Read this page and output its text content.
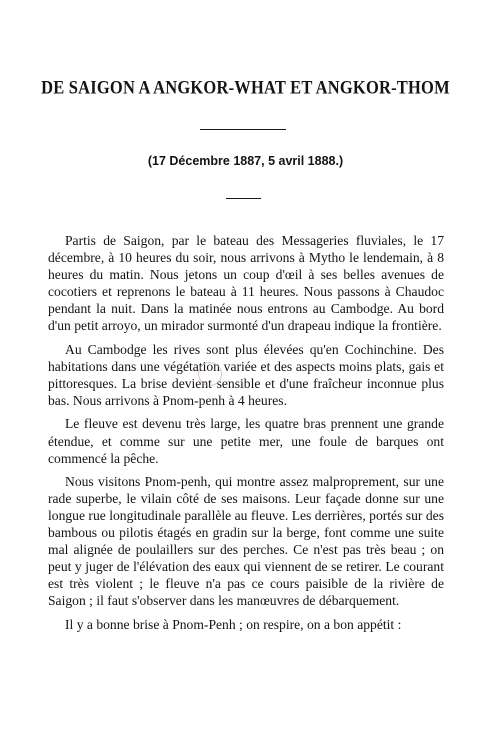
DE SAIGON A ANGKOR-WHAT ET ANGKOR-THOM
(17 Décembre 1887, 5 avril 1888.)

Partis de Saigon, par le bateau des Messageries fluviales, le 17 décembre, à 10 heures du soir, nous arrivons à Mytho le lendemain, à 8 heures du matin. Nous jetons un coup d'œil à ses belles avenues de cocotiers et reprenons le bateau à 11 heures. Nous passons à Chaudoc pendant la nuit. Dans la matinée nous entrons au Cambodge. Au bord d'un petit arroyo, un mirador surmonté d'un drapeau indique la frontière.

Au Cambodge les rives sont plus élevées qu'en Cochinchine. Des habitations dans une végétation variée et des aspects moins plats, gais et pittoresques. La brise devient sensible et d'une fraîcheur inconnue plus bas. Nous arrivons à Pnom-penh à 4 heures.

Le fleuve est devenu très large, les quatre bras prennent une grande étendue, et comme sur une petite mer, une foule de barques ont commencé la pêche.

Nous visitons Pnom-penh, qui montre assez malproprement, sur une rade superbe, le vilain côté de ses maisons. Leur façade donne sur une longue rue longitudinale parallèle au fleuve. Les derrières, portés sur des bambous ou pilotis étagés en gradin sur la berge, font comme une suite mal alignée de poulaillers sur des perches. Ce n'est pas très beau ; on peut y juger de l'élévation des eaux qui viennent de se retirer. Le courant est très violent ; le fleuve n'a pas ce cours paisible de la rivière de Saigon ; il faut s'observer dans les manœuvres de débarquement.

Il y a bonne brise à Pnom-Penh ; on respire, on a bon appétit :
